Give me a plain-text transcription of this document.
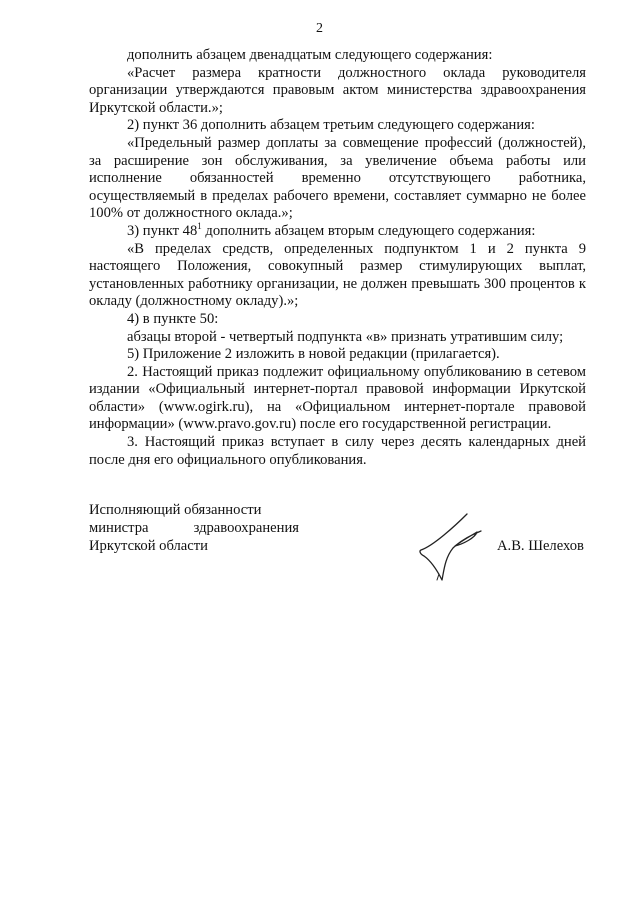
2

дополнить абзацем двенадцатым следующего содержания:

«Расчет размера кратности должностного оклада руководителя организации утверждаются правовым актом министерства здравоохранения Иркутской области.»;

2) пункт 36 дополнить абзацем третьим следующего содержания:

«Предельный размер доплаты за совмещение профессий (должностей), за расширение зон обслуживания, за увеличение объема работы или исполнение обязанностей временно отсутствующего работника, осуществляемый в пределах рабочего времени, составляет суммарно не более 100% от должностного оклада.»;

3) пункт $48^1$ дополнить абзацем вторым следующего содержания:

«В пределах средств, определенных подпунктом 1 и 2 пункта 9 настоящего Положения, совокупный размер стимулирующих выплат, установленных работнику организации, не должен превышать 300 процентов к окладу (должностному окладу).»;

4) в пункте 50:

абзацы второй - четвертый подпункта «в» признать утратившим силу;

5) Приложение 2 изложить в новой редакции (прилагается).

2. Настоящий приказ подлежит официальному опубликованию в сетевом издании «Официальный интернет-портал правовой информации Иркутской области» (www.ogirk.ru), на «Официальном интернет-портале правовой информации» (www.pravo.gov.ru) после его государственной регистрации.

3. Настоящий приказ вступает в силу через десять календарных дней после дня его официального опубликования.

Исполняющий обязанности
министра	здравоохранения
Иркутской области	А.В. Шелехов
